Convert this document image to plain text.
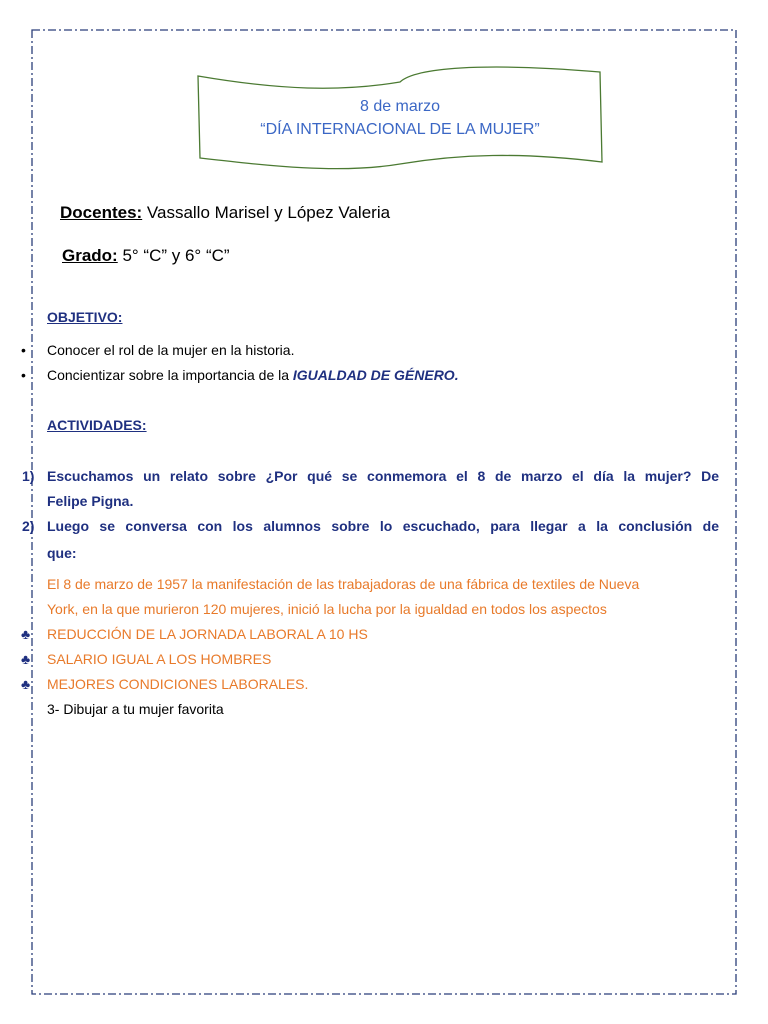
8 de marzo
“DÍA INTERNACIONAL DE LA MUJER”
Docentes: Vassallo Marisel y López Valeria
Grado: 5° “C” y 6° “C”
OBJETIVO:
• Conocer el rol de la mujer en la historia.
• Concientizar sobre la importancia de la IGUALDAD DE GÉNERO.
ACTIVIDADES:
1) Escuchamos un relato sobre ¿Por qué se conmemora el 8 de marzo el día la mujer? De
Felipe Pigna.
2) Luego se conversa con los alumnos sobre lo escuchado, para llegar a la conclusión de
que:
El 8 de marzo de 1957 la manifestación de las trabajadoras de una fábrica de textiles de Nueva
York, en la que murieron 120 mujeres, inició la lucha por la igualdad en todos los aspectos
♣ REDUCCIÓN DE LA JORNADA LABORAL A 10 HS
♣ SALARIO IGUAL A LOS HOMBRES
♣ MEJORES CONDICIONES LABORALES.
3- Dibujar a tu mujer favorita
